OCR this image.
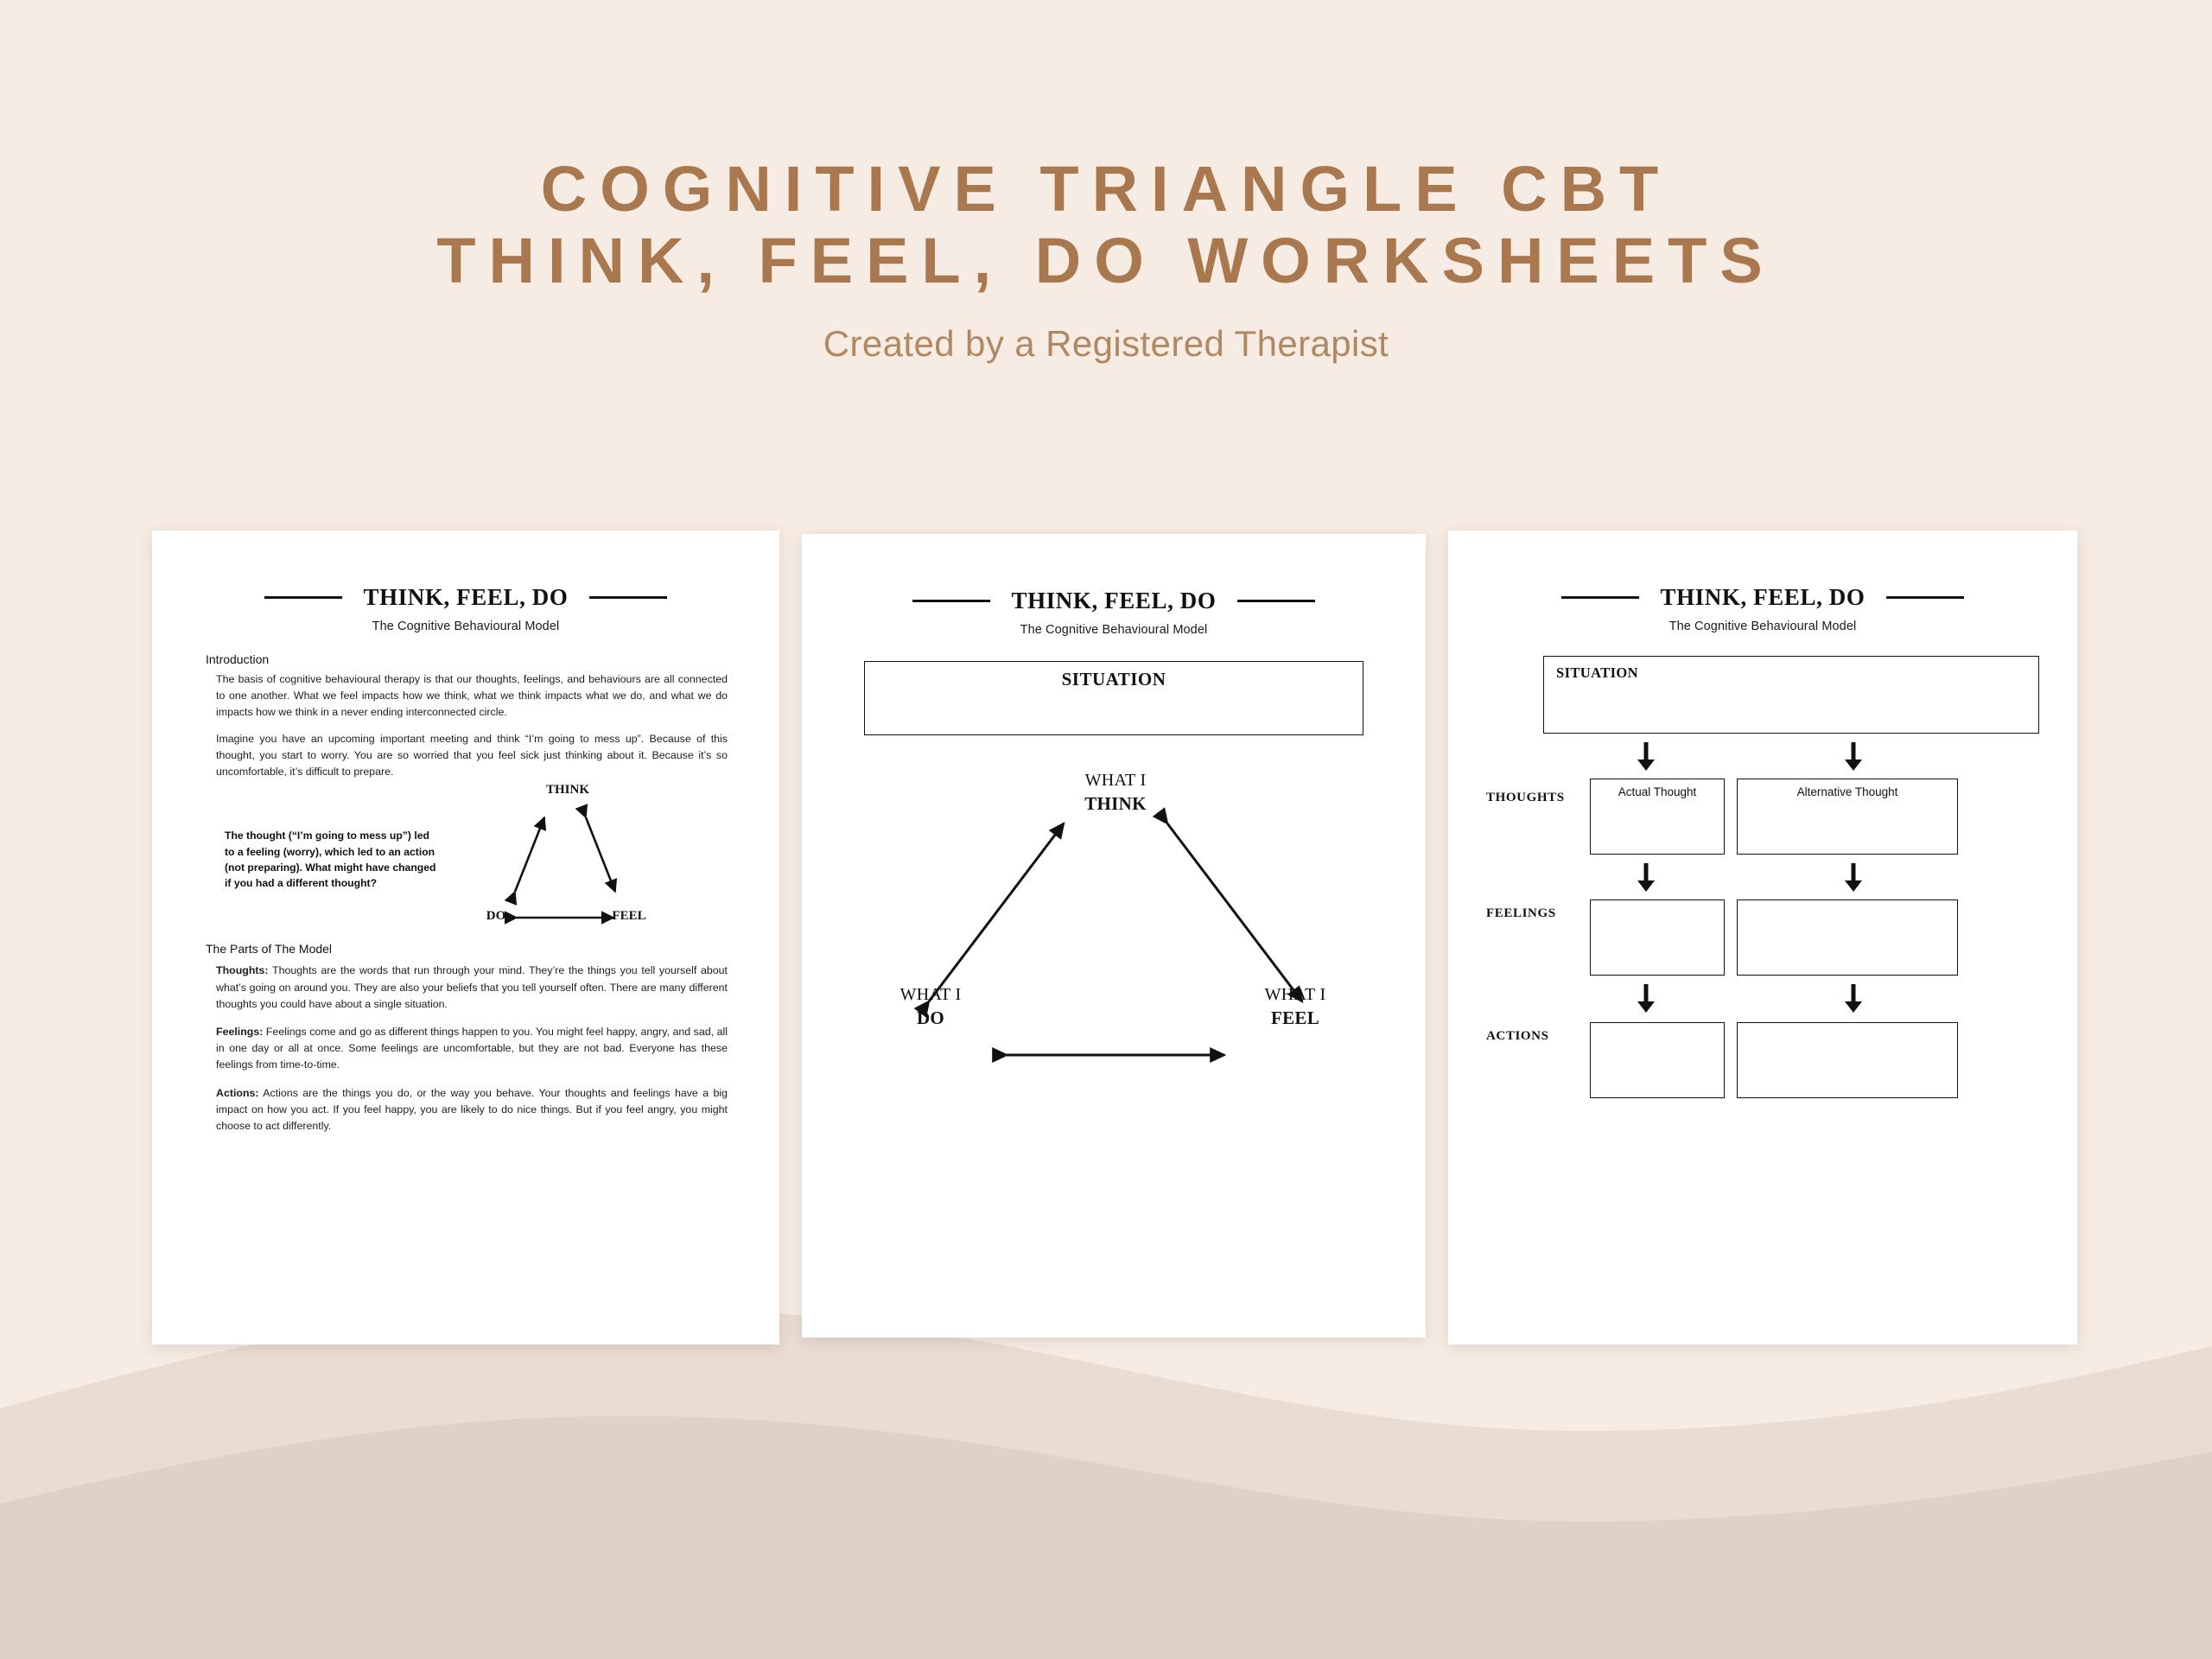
COGNITIVE TRIANGLE CBT
THINK, FEEL, DO WORKSHEETS

Created by a Registered Therapist

THINK, FEEL, DO
The Cognitive Behavioural Model
Introduction

The basis of cognitive behavioural therapy is that our thoughts, feelings, and behaviours are all connected to one another. What we feel impacts how we think, what we think impacts what we do, and what we do impacts how we think in a never ending interconnected circle.

Imagine you have an upcoming important meeting and think “I’m going to mess up”. Because of this thought, you start to worry. You are so worried that you feel sick just thinking about it. Because it’s so uncomfortable, it’s difficult to prepare.

The thought (“I’m going to mess up”) led to a feeling (worry), which led to an action (not preparing). What might have changed if you had a different thought?
THINK
DO	FEEL
The Parts of The Model

Thoughts: Thoughts are the words that run through your mind. They’re the things you tell yourself about what’s going on around you. They are also your beliefs that you tell yourself often. There are many different thoughts you could have about a single situation.

Feelings: Feelings come and go as different things happen to you. You might feel happy, angry, and sad, all in one day or all at once. Some feelings are uncomfortable, but they are not bad. Everyone has these feelings from time-to-time.

Actions: Actions are the things you do, or the way you behave. Your thoughts and feelings have a big impact on how you act. If you feel happy, you are likely to do nice things. But if you feel angry, you might choose to act differently.

THINK, FEEL, DO
The Cognitive Behavioural Model
SITUATION
WHAT I
THINK
WHAT I
DO
WHAT I
FEEL
THINK, FEEL, DO
The Cognitive Behavioural Model
SITUATION
THOUGHTS	Actual Thought	Alternative Thought
FEELINGS
ACTIONS
